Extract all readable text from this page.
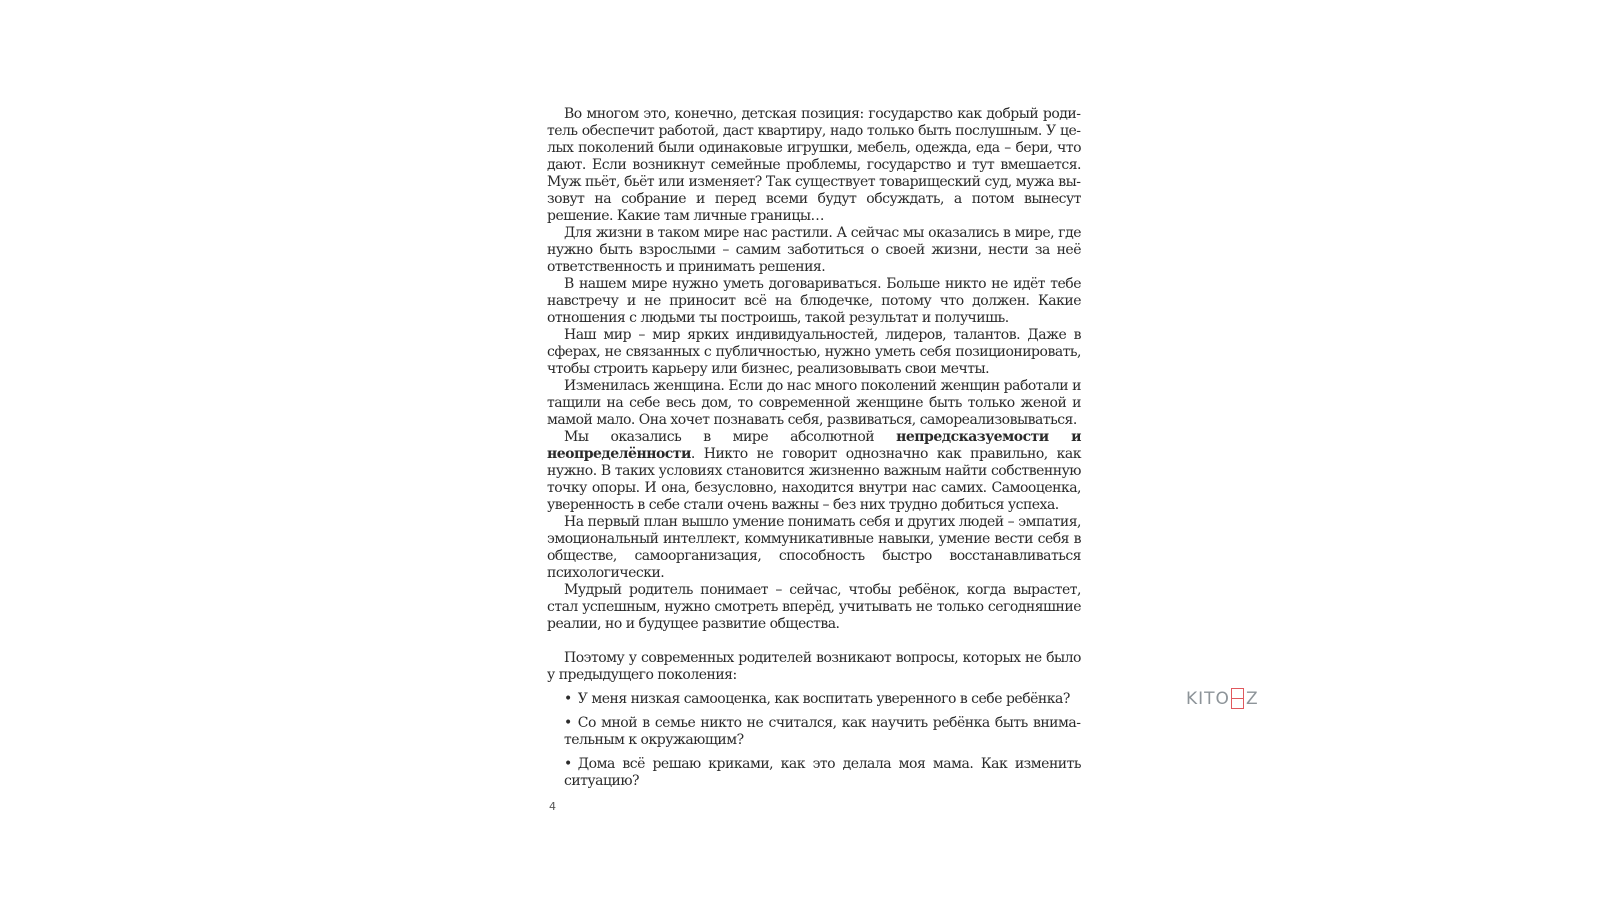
Во многом это, конечно, детская позиция: государство как добрый родитель обеспечит работой, даст квартиру, надо только быть послушным. У целых поколений были одинаковые игрушки, мебель, одежда, еда – бери, что дают. Если возникнут семейные проблемы, государство и тут вмешается. Муж пьёт, бьёт или изменяет? Так существует товарищеский суд, мужа вызовут на собрание и перед всеми будут обсуждать, а потом вынесут решение. Какие там личные границы…

Для жизни в таком мире нас растили. А сейчас мы оказались в мире, где нужно быть взрослыми – самим заботиться о своей жизни, нести за неё ответственность и принимать решения.

В нашем мире нужно уметь договариваться. Больше никто не идёт тебе навстречу и не приносит всё на блюдечке, потому что должен. Какие отношения с людьми ты построишь, такой результат и получишь.

Наш мир – мир ярких индивидуальностей, лидеров, талантов. Даже в сферах, не связанных с публичностью, нужно уметь себя позиционировать, чтобы строить карьеру или бизнес, реализовывать свои мечты.

Изменилась женщина. Если до нас много поколений женщин работали и тащили на себе весь дом, то современной женщине быть только женой и мамой мало. Она хочет познавать себя, развиваться, самореализовываться.

Мы оказались в мире абсолютной непредсказуемости и неопределённости. Никто не говорит однозначно как правильно, как нужно. В таких условиях становится жизненно важным найти собственную точку опоры. И она, безусловно, находится внутри нас самих. Самооценка, уверенность в себе стали очень важны – без них трудно добиться успеха.

На первый план вышло умение понимать себя и других людей – эмпатия, эмоциональный интеллект, коммуникативные навыки, умение вести себя в обществе, самоорганизация, способность быстро восстанавливаться психологически.

Мудрый родитель понимает – сейчас, чтобы ребёнок, когда вырастет, стал успешным, нужно смотреть вперёд, учитывать не только сегодняшние реалии, но и будущее развитие общества.

Поэтому у современных родителей возникают вопросы, которых не было у предыдущего поколения:

• У меня низкая самооценка, как воспитать уверенного в себе ребёнка?
• Со мной в семье никто не считался, как научить ребёнка быть внимательным к окружающим?
• Дома всё решаю криками, как это делала моя мама. Как изменить ситуацию?
4
KITO Z
